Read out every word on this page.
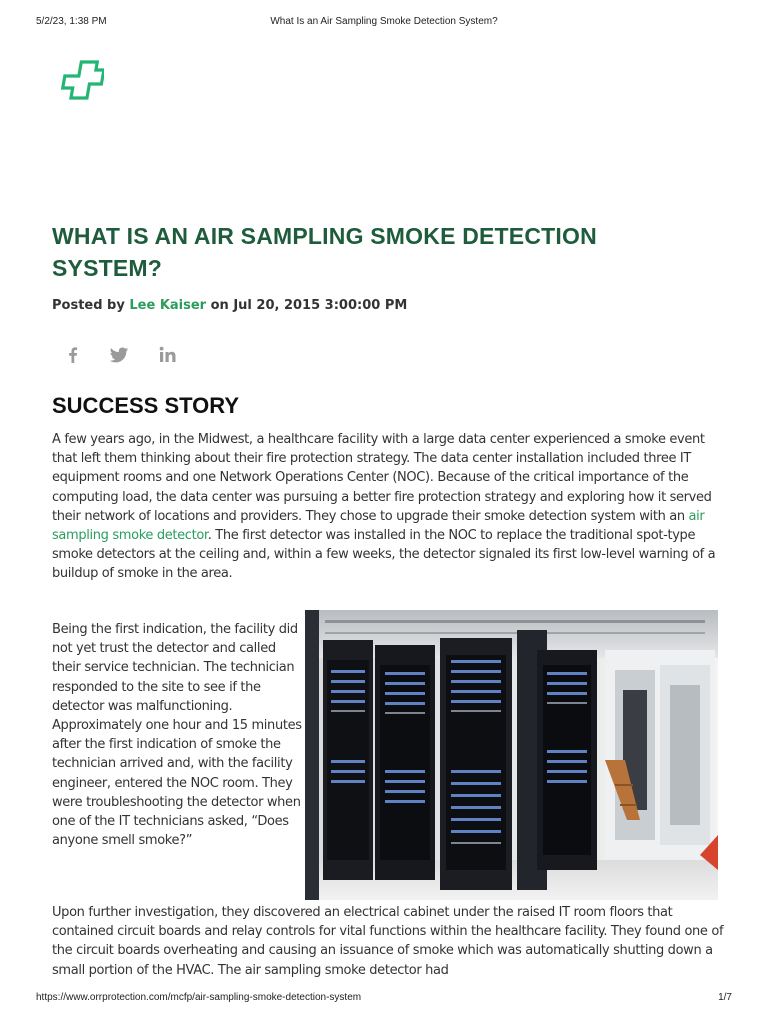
5/2/23, 1:38 PM	What Is an Air Sampling Smoke Detection System?
WHAT IS AN AIR SAMPLING SMOKE DETECTION SYSTEM?
Posted by Lee Kaiser on Jul 20, 2015 3:00:00 PM
SUCCESS STORY

A few years ago, in the Midwest, a healthcare facility with a large data center experienced a smoke event that left them thinking about their fire protection strategy. The data center installation included three IT equipment rooms and one Network Operations Center (NOC). Because of the critical importance of the computing load, the data center was pursuing a better fire protection strategy and exploring how it served their network of locations and providers. They chose to upgrade their smoke detection system with an air sampling smoke detector. The first detector was installed in the NOC to replace the traditional spot-type smoke detectors at the ceiling and, within a few weeks, the detector signaled its first low-level warning of a buildup of smoke in the area.

Being the first indication, the facility did not yet trust the detector and called their service technician. The technician responded to the site to see if the detector was malfunctioning. Approximately one hour and 15 minutes after the first indication of smoke the technician arrived and, with the facility engineer, entered the NOC room. They were troubleshooting the detector when one of the IT technicians asked, “Does anyone smell smoke?”

Upon further investigation, they discovered an electrical cabinet under the raised IT room floors that contained circuit boards and relay controls for vital functions within the healthcare facility. They found one of the circuit boards overheating and causing an issuance of smoke which was automatically shutting down a small portion of the HVAC. The air sampling smoke detector had

https://www.orrprotection.com/mcfp/air-sampling-smoke-detection-system	1/7
